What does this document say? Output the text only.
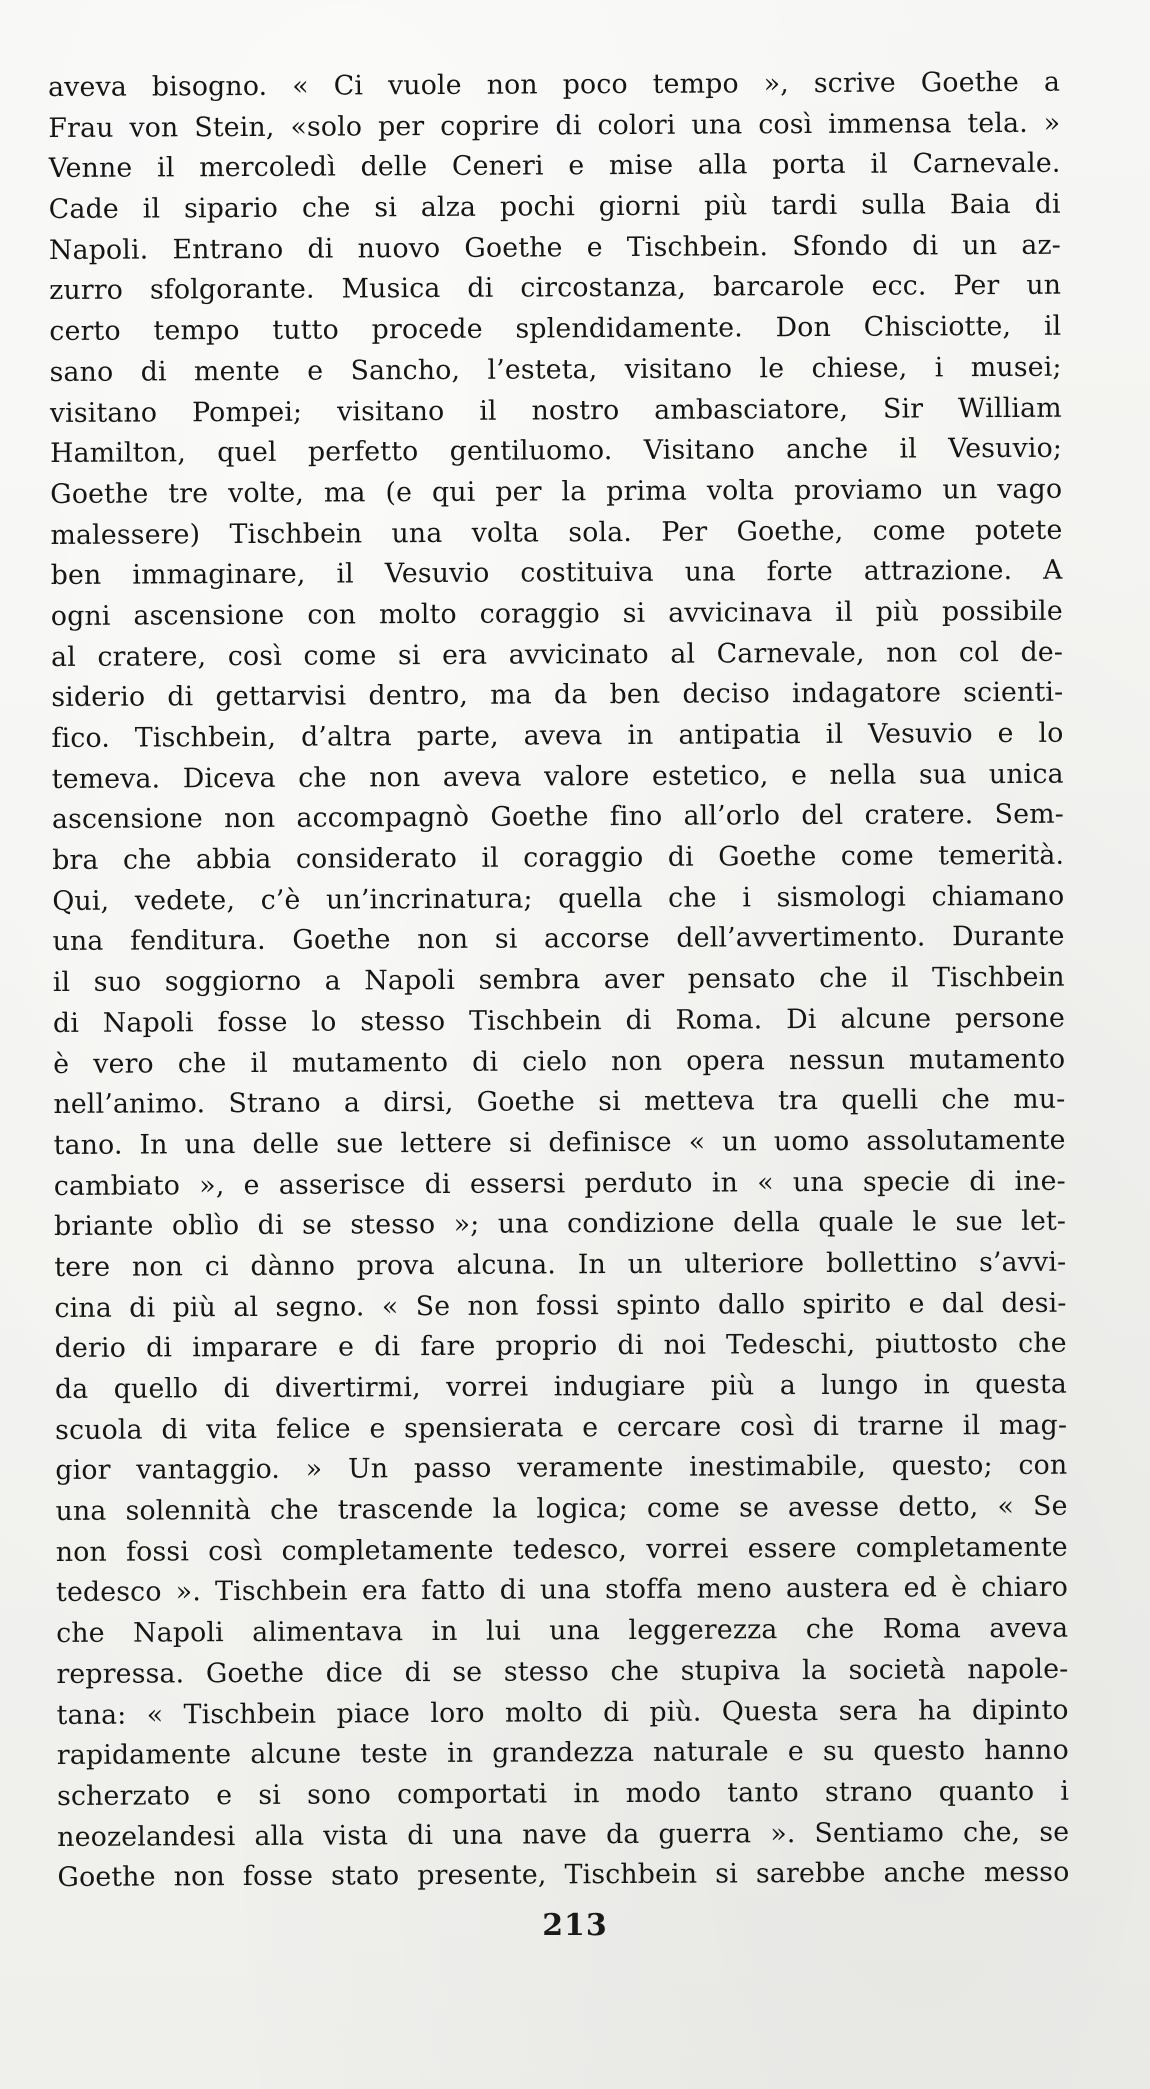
aveva bisogno. « Ci vuole non poco tempo », scrive Goethe a
Frau von Stein, «solo per coprire di colori una così immensa tela. »
Venne il mercoledì delle Ceneri e mise alla porta il Carnevale.
Cade il sipario che si alza pochi giorni più tardi sulla Baia di
Napoli. Entrano di nuovo Goethe e Tischbein. Sfondo di un az-
zurro sfolgorante. Musica di circostanza, barcarole ecc. Per un
certo tempo tutto procede splendidamente. Don Chisciotte, il
sano di mente e Sancho, l’esteta, visitano le chiese, i musei;
visitano Pompei; visitano il nostro ambasciatore, Sir William
Hamilton, quel perfetto gentiluomo. Visitano anche il Vesuvio;
Goethe tre volte, ma (e qui per la prima volta proviamo un vago
malessere) Tischbein una volta sola. Per Goethe, come potete
ben immaginare, il Vesuvio costituiva una forte attrazione. A
ogni ascensione con molto coraggio si avvicinava il più possibile
al cratere, così come si era avvicinato al Carnevale, non col de-
siderio di gettarvisi dentro, ma da ben deciso indagatore scienti-
fico. Tischbein, d’altra parte, aveva in antipatia il Vesuvio e lo
temeva. Diceva che non aveva valore estetico, e nella sua unica
ascensione non accompagnò Goethe fino all’orlo del cratere. Sem-
bra che abbia considerato il coraggio di Goethe come temerità.
Qui, vedete, c’è un’incrinatura; quella che i sismologi chiamano
una fenditura. Goethe non si accorse dell’avvertimento. Durante
il suo soggiorno a Napoli sembra aver pensato che il Tischbein
di Napoli fosse lo stesso Tischbein di Roma. Di alcune persone
è vero che il mutamento di cielo non opera nessun mutamento
nell’animo. Strano a dirsi, Goethe si metteva tra quelli che mu-
tano. In una delle sue lettere si definisce « un uomo assolutamente
cambiato », e asserisce di essersi perduto in « una specie di ine-
briante oblìo di se stesso »; una condizione della quale le sue let-
tere non ci dànno prova alcuna. In un ulteriore bollettino s’avvi-
cina di più al segno. « Se non fossi spinto dallo spirito e dal desi-
derio di imparare e di fare proprio di noi Tedeschi, piuttosto che
da quello di divertirmi, vorrei indugiare più a lungo in questa
scuola di vita felice e spensierata e cercare così di trarne il mag-
gior vantaggio. » Un passo veramente inestimabile, questo; con
una solennità che trascende la logica; come se avesse detto, « Se
non fossi così completamente tedesco, vorrei essere completamente
tedesco ». Tischbein era fatto di una stoffa meno austera ed è chiaro
che Napoli alimentava in lui una leggerezza che Roma aveva
repressa. Goethe dice di se stesso che stupiva la società napole-
tana: « Tischbein piace loro molto di più. Questa sera ha dipinto
rapidamente alcune teste in grandezza naturale e su questo hanno
scherzato e si sono comportati in modo tanto strano quanto i
neozelandesi alla vista di una nave da guerra ». Sentiamo che, se
Goethe non fosse stato presente, Tischbein si sarebbe anche messo
213
